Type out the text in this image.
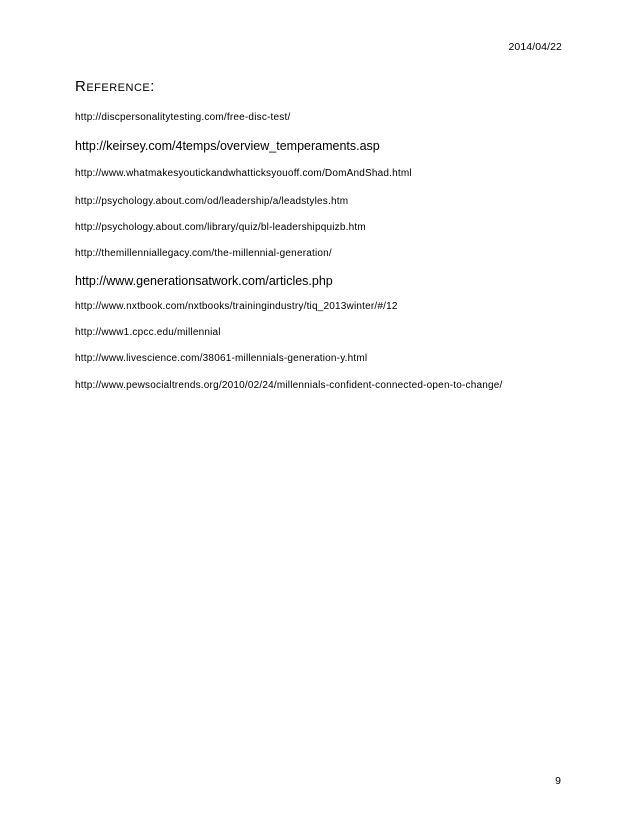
2014/04/22
Reference:
http://discpersonalitytesting.com/free-disc-test/
http://keirsey.com/4temps/overview_temperaments.asp
http://www.whatmakesyoutickandwhatticksyouoff.com/DomAndShad.html
http://psychology.about.com/od/leadership/a/leadstyles.htm
http://psychology.about.com/library/quiz/bl-leadershipquizb.htm
http://themillenniallegacy.com/the-millennial-generation/
http://www.generationsatwork.com/articles.php
http://www.nxtbook.com/nxtbooks/trainingindustry/tiq_2013winter/#/12
http://www1.cpcc.edu/millennial
http://www.livescience.com/38061-millennials-generation-y.html
http://www.pewsocialtrends.org/2010/02/24/millennials-confident-connected-open-to-change/
9
